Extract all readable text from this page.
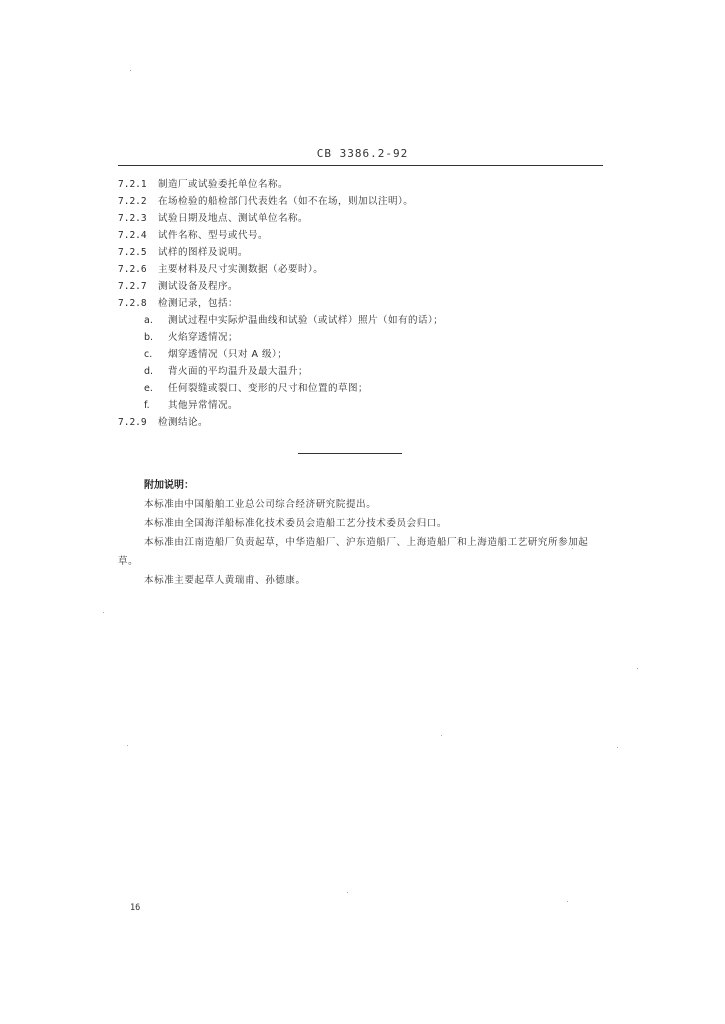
CB 3386.2-92
7.2.1 制造厂或试验委托单位名称。
7.2.2 在场检验的船检部门代表姓名（如不在场，则加以注明）。
7.2.3 试验日期及地点、测试单位名称。
7.2.4 试件名称、型号或代号。
7.2.5 试样的图样及说明。
7.2.6 主要材料及尺寸实测数据（必要时）。
7.2.7 测试设备及程序。
7.2.8 检测记录，包括：
a. 测试过程中实际炉温曲线和试验（或试样）照片（如有的话）；
b. 火焰穿透情况；
c. 烟穿透情况（只对 A 级）；
d. 背火面的平均温升及最大温升；
e. 任何裂缝或裂口、变形的尺寸和位置的草图；
f. 其他异常情况。
7.2.9 检测结论。
附加说明：
本标准由中国船舶工业总公司综合经济研究院提出。
本标准由全国海洋船标准化技术委员会造船工艺分技术委员会归口。
本标准由江南造船厂负责起草，中华造船厂、沪东造船厂、上海造船厂和上海造船工艺研究所参加起草。
本标准主要起草人黄瑞甫、孙德康。
16
